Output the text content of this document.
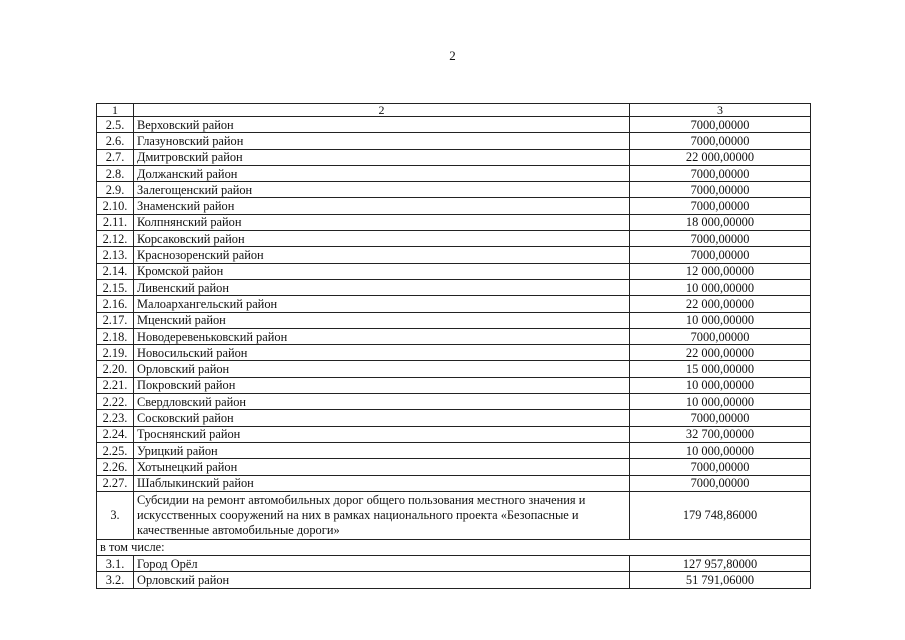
2
1	2	3
2.5.	Верховский район	7000,00000
2.6.	Глазуновский район	7000,00000
2.7.	Дмитровский район	22 000,00000
2.8.	Должанский район	7000,00000
2.9.	Залегощенский район	7000,00000
2.10.	Знаменский район	7000,00000
2.11.	Колпнянский район	18 000,00000
2.12.	Корсаковский район	7000,00000
2.13.	Краснозоренский район	7000,00000
2.14.	Кромской район	12 000,00000
2.15.	Ливенский район	10 000,00000
2.16.	Малоархангельский район	22 000,00000
2.17.	Мценский район	10 000,00000
2.18.	Новодеревеньковский район	7000,00000
2.19.	Новосильский район	22 000,00000
2.20.	Орловский район	15 000,00000
2.21.	Покровский район	10 000,00000
2.22.	Свердловский район	10 000,00000
2.23.	Сосковский район	7000,00000
2.24.	Троснянский район	32 700,00000
2.25.	Урицкий район	10 000,00000
2.26.	Хотынецкий район	7000,00000
2.27.	Шаблыкинский район	7000,00000
3.	Субсидии на ремонт автомобильных дорог общего пользования местного значения и искусственных сооружений на них в рамках национального проекта «Безопасные и качественные автомобильные дороги»	179 748,86000
в том числе:		
3.1.	Город Орёл	127 957,80000
3.2.	Орловский район	51 791,06000
